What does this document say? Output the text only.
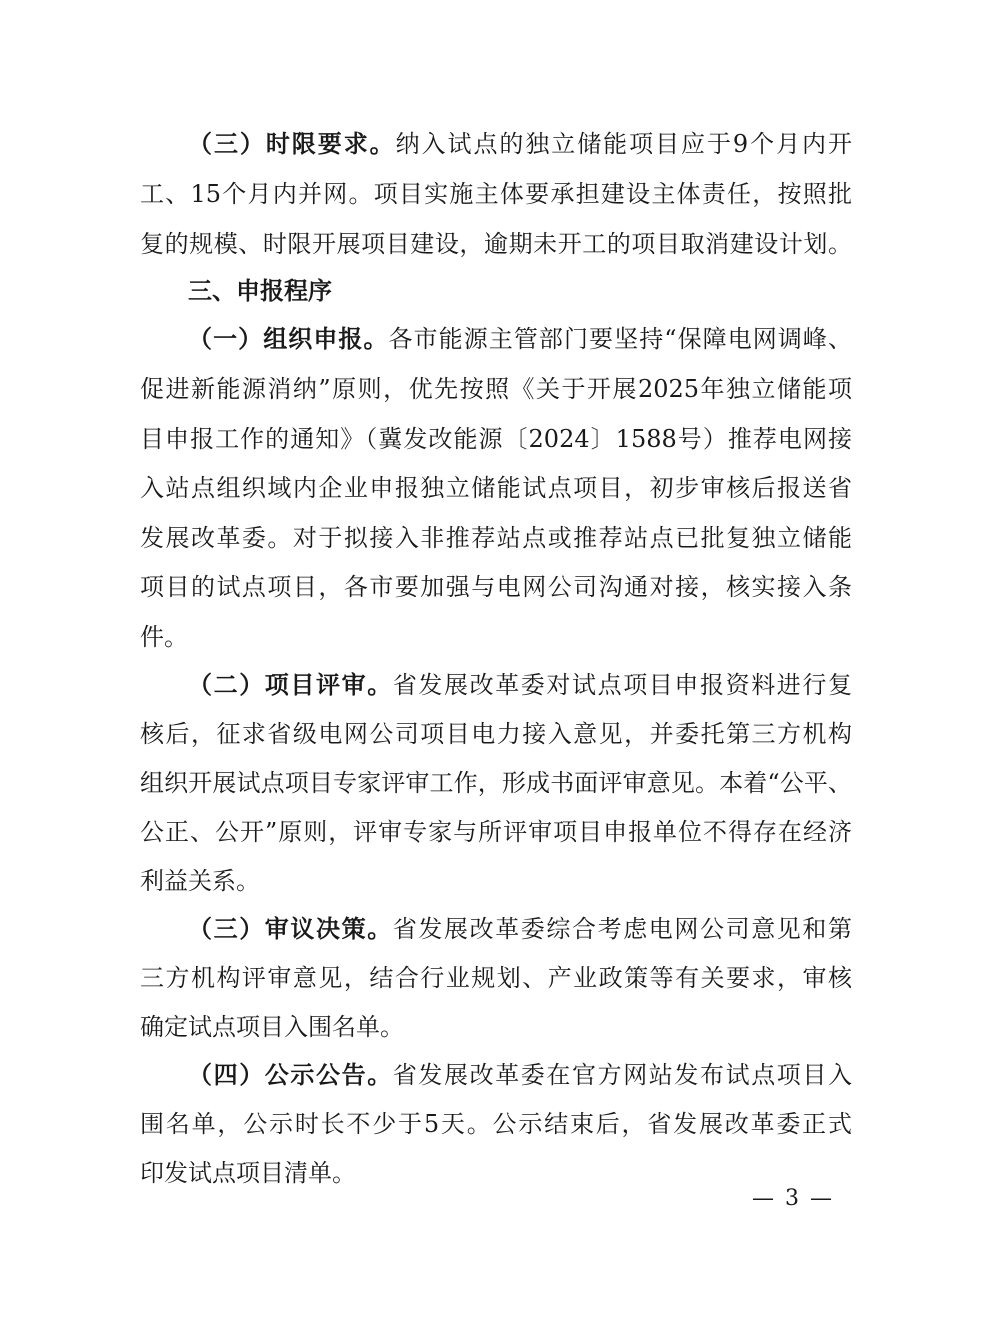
（三）时限要求。纳入试点的独立储能项目应于9个月内开
工、15个月内并网。项目实施主体要承担建设主体责任，按照批
复的规模、时限开展项目建设，逾期未开工的项目取消建设计划。
三、申报程序
（一）组织申报。各市能源主管部门要坚持“保障电网调峰、
促进新能源消纳”原则，优先按照《关于开展2025年独立储能项
目申报工作的通知》（冀发改能源〔2024〕1588号）推荐电网接
入站点组织域内企业申报独立储能试点项目，初步审核后报送省
发展改革委。对于拟接入非推荐站点或推荐站点已批复独立储能
项目的试点项目，各市要加强与电网公司沟通对接，核实接入条
件。
（二）项目评审。省发展改革委对试点项目申报资料进行复
核后，征求省级电网公司项目电力接入意见，并委托第三方机构
组织开展试点项目专家评审工作，形成书面评审意见。本着“公平、
公正、公开”原则，评审专家与所评审项目申报单位不得存在经济
利益关系。
（三）审议决策。省发展改革委综合考虑电网公司意见和第
三方机构评审意见，结合行业规划、产业政策等有关要求，审核
确定试点项目入围名单。
（四）公示公告。省发展改革委在官方网站发布试点项目入
围名单，公示时长不少于5天。公示结束后，省发展改革委正式
印发试点项目清单。
— 3 —
